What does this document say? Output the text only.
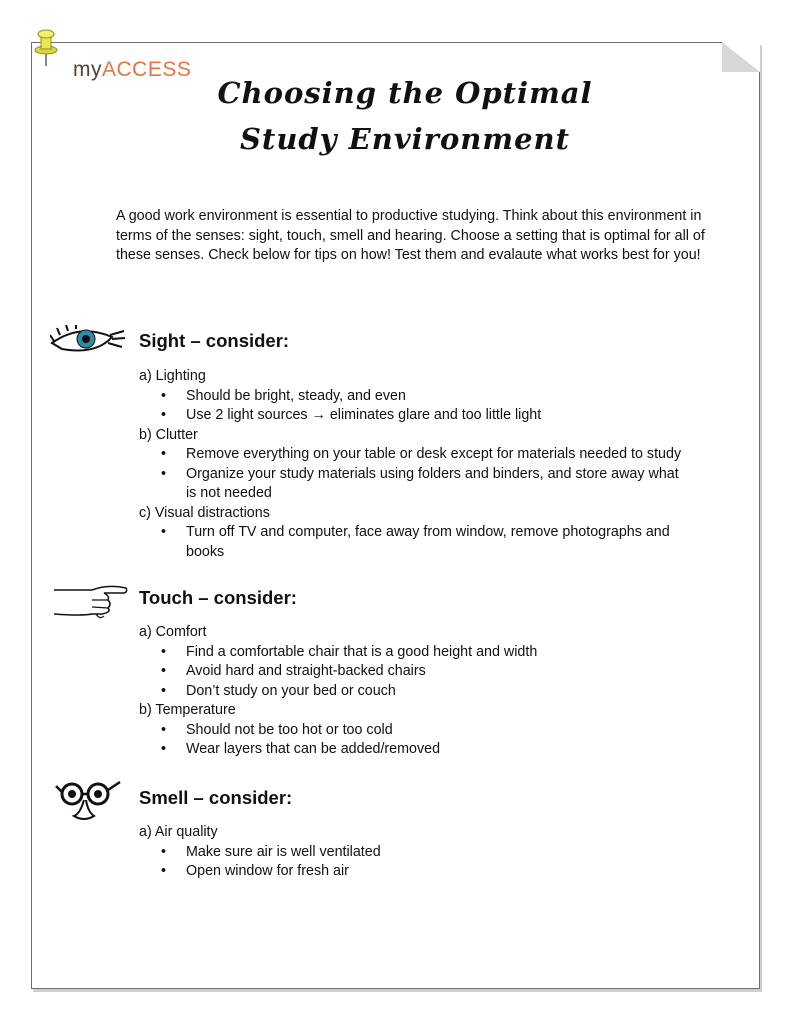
myACCESS
Choosing the Optimal
Study Environment
A good work environment is essential to productive studying. Think about this environment in terms of the senses: sight, touch, smell and hearing. Choose a setting that is optimal for all of these senses. Check below for tips on how! Test them and evalaute what works best for you!
Sight – consider:

a) Lighting

• Should be bright, steady, and even
• Use 2 light sources → eliminates glare and too little light

b) Clutter

• Remove everything on your table or desk except for materials needed to study
• Organize your study materials using folders and binders, and store away what is not needed

c) Visual distractions

• Turn off TV and computer, face away from window, remove photographs and books
Touch – consider:

a) Comfort

• Find a comfortable chair that is a good height and width
• Avoid hard and straight-backed chairs
• Don’t study on your bed or couch

b) Temperature

• Should not be too hot or too cold
• Wear layers that can be added/removed
Smell – consider:

a) Air quality

• Make sure air is well ventilated
• Open window for fresh air
